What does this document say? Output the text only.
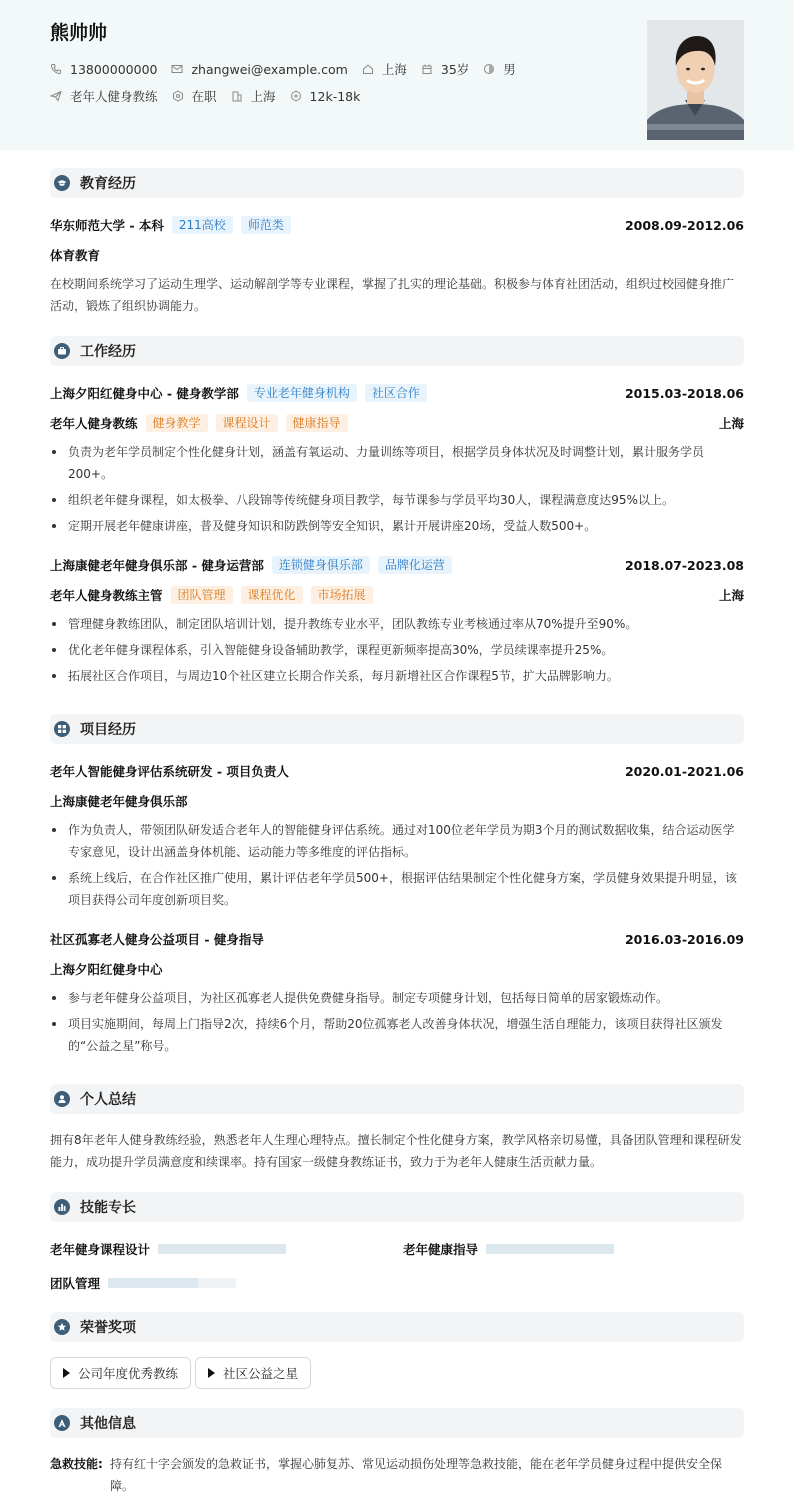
熊帅帅
13800000000	zhangwei@example.com	上海	35岁	男
老年人健身教练	在职	上海	12k-18k
教育经历
华东师范大学 - 本科	211高校	师范类	2008.09-2012.06
体育教育
在校期间系统学习了运动生理学、运动解剖学等专业课程，掌握了扎实的理论基础。积极参与体育社团活动，组织过校园健身推广活动，锻炼了组织协调能力。
工作经历
上海夕阳红健身中心 - 健身教学部	专业老年健身机构	社区合作	2015.03-2018.06
老年人健身教练	健身教学	课程设计	健康指导	上海
负责为老年学员制定个性化健身计划，涵盖有氧运动、力量训练等项目，根据学员身体状况及时调整计划，累计服务学员200+。
组织老年健身课程，如太极拳、八段锦等传统健身项目教学，每节课参与学员平均30人，课程满意度达95%以上。
定期开展老年健康讲座，普及健身知识和防跌倒等安全知识，累计开展讲座20场，受益人数500+。
上海康健老年健身俱乐部 - 健身运营部	连锁健身俱乐部	品牌化运营	2018.07-2023.08
老年人健身教练主管	团队管理	课程优化	市场拓展	上海
管理健身教练团队，制定团队培训计划，提升教练专业水平，团队教练专业考核通过率从70%提升至90%。
优化老年健身课程体系，引入智能健身设备辅助教学，课程更新频率提高30%，学员续课率提升25%。
拓展社区合作项目，与周边10个社区建立长期合作关系，每月新增社区合作课程5节，扩大品牌影响力。
项目经历
老年人智能健身评估系统研发 - 项目负责人	2020.01-2021.06
上海康健老年健身俱乐部
作为负责人，带领团队研发适合老年人的智能健身评估系统。通过对100位老年学员为期3个月的测试数据收集，结合运动医学专家意见，设计出涵盖身体机能、运动能力等多维度的评估指标。
系统上线后，在合作社区推广使用，累计评估老年学员500+，根据评估结果制定个性化健身方案，学员健身效果提升明显，该项目获得公司年度创新项目奖。
社区孤寡老人健身公益项目 - 健身指导	2016.03-2016.09
上海夕阳红健身中心
参与老年健身公益项目，为社区孤寡老人提供免费健身指导。制定专项健身计划，包括每日简单的居家锻炼动作。
项目实施期间，每周上门指导2次，持续6个月，帮助20位孤寡老人改善身体状况，增强生活自理能力，该项目获得社区颁发的“公益之星”称号。
个人总结
拥有8年老年人健身教练经验，熟悉老年人生理心理特点。擅长制定个性化健身方案，教学风格亲切易懂，具备团队管理和课程研发能力，成功提升学员满意度和续课率。持有国家一级健身教练证书，致力于为老年人健康生活贡献力量。
技能专长
老年健身课程设计	老年健康指导
团队管理
荣誉奖项
公司年度优秀教练	社区公益之星
其他信息
急救技能: 持有红十字会颁发的急救证书，掌握心肺复苏、常见运动损伤处理等急救技能，能在老年学员健身过程中提供安全保障。
